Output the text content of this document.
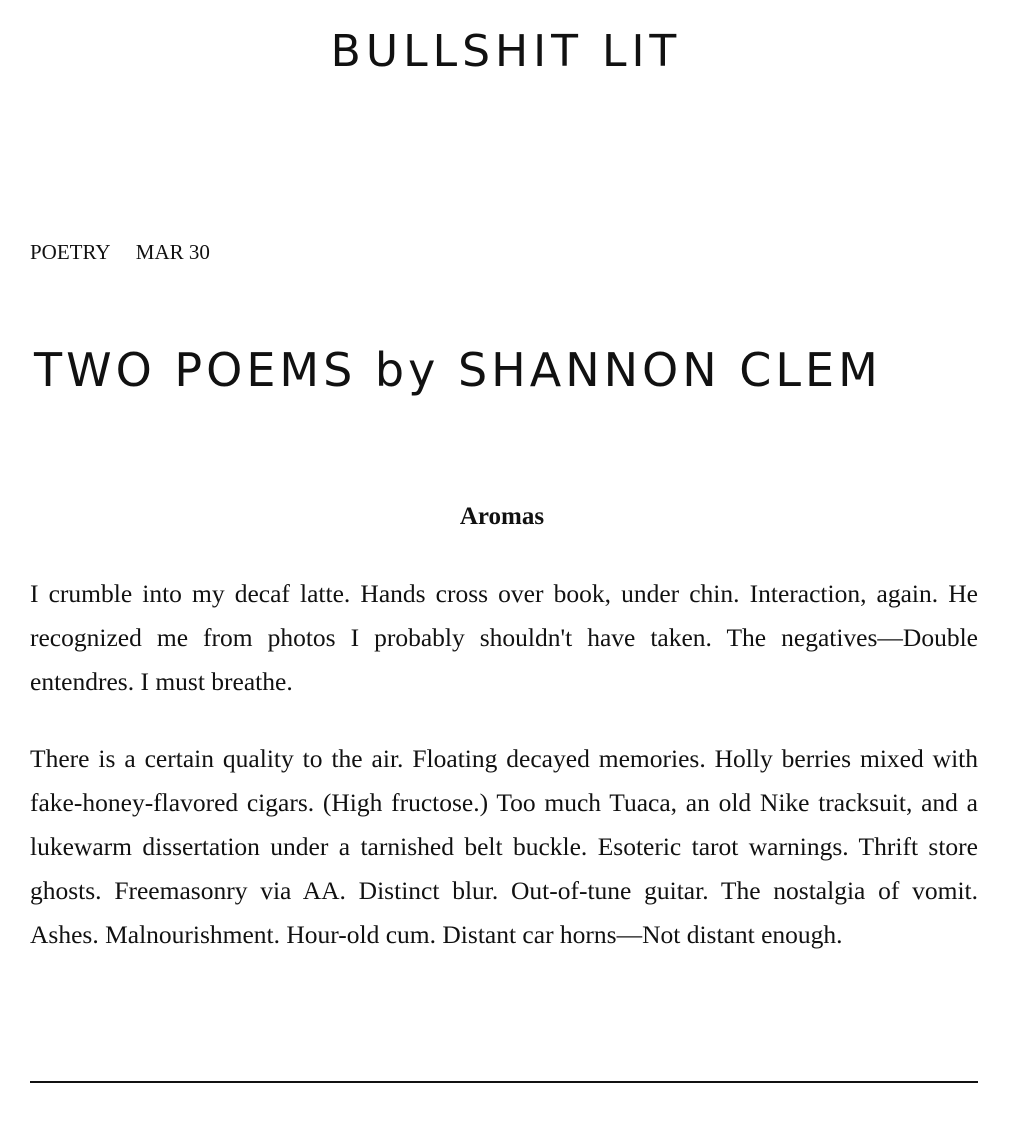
BULLSHIT LIT
POETRY MAR 30
TWO POEMS by SHANNON CLEM
Aromas

I crumble into my decaf latte. Hands cross over book, under chin. Interaction, again. He recognized me from photos I probably shouldn't have taken. The negatives—Double entendres. I must breathe.

There is a certain quality to the air. Floating decayed memories. Holly berries mixed with fake-honey-flavored cigars. (High fructose.) Too much Tuaca, an old Nike tracksuit, and a lukewarm dissertation under a tarnished belt buckle. Esoteric tarot warnings. Thrift store ghosts. Freemasonry via AA. Distinct blur. Out-of-tune guitar. The nostalgia of vomit. Ashes. Malnourishment. Hour-old cum. Distant car horns—Not distant enough.
